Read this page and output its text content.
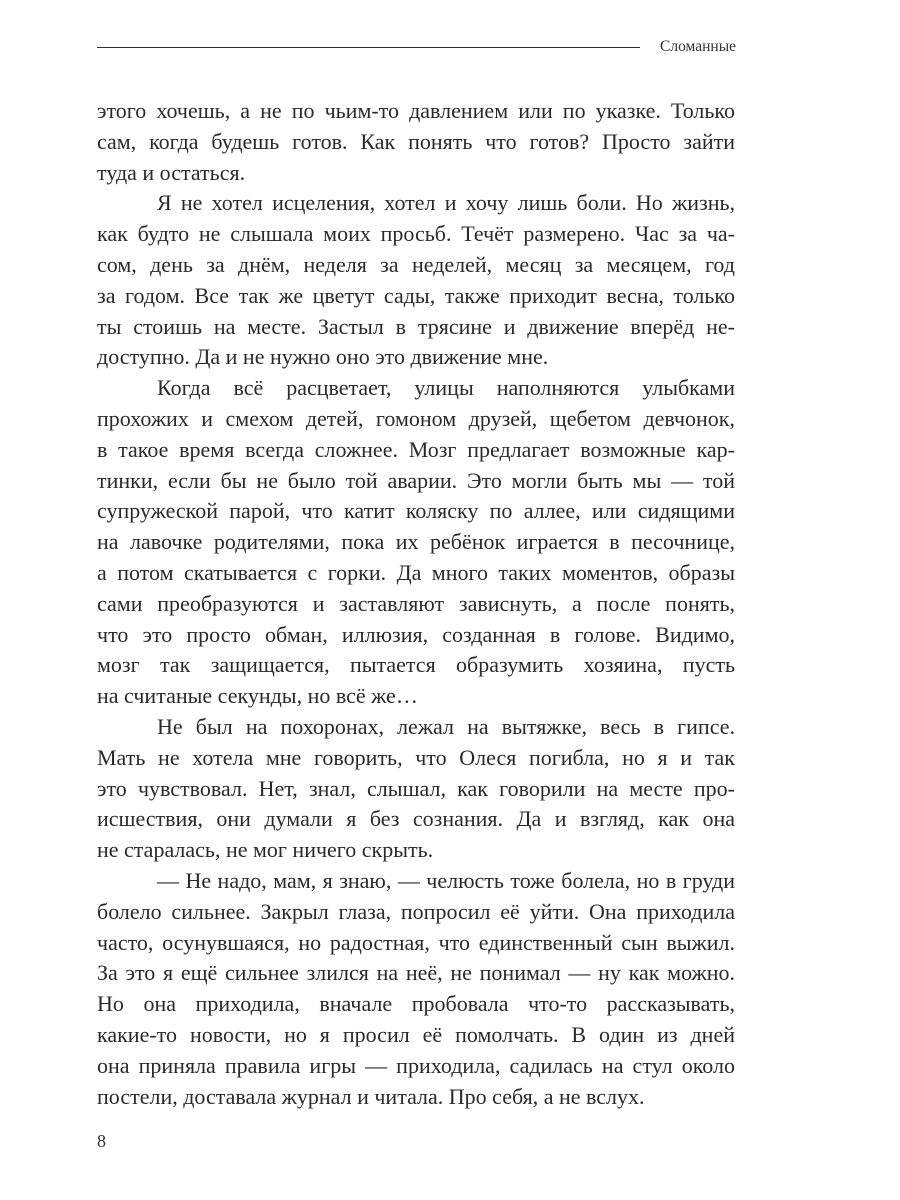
Сломанные
этого хочешь, а не по чьим-то давлением или по указке. Только
сам, когда будешь готов. Как понять что готов? Просто зайти
туда и остаться.
Я не хотел исцеления, хотел и хочу лишь боли. Но жизнь,
как будто не слышала моих просьб. Течёт размерено. Час за ча-
сом, день за днём, неделя за неделей, месяц за месяцем, год
за годом. Все так же цветут сады, также приходит весна, только
ты стоишь на месте. Застыл в трясине и движение вперёд не-
доступно. Да и не нужно оно это движение мне.
Когда всё расцветает, улицы наполняются улыбками
прохожих и смехом детей, гомоном друзей, щебетом девчонок,
в такое время всегда сложнее. Мозг предлагает возможные кар-
тинки, если бы не было той аварии. Это могли быть мы — той
супружеской парой, что катит коляску по аллее, или сидящими
на лавочке родителями, пока их ребёнок играется в песочнице,
а потом скатывается с горки. Да много таких моментов, образы
сами преобразуются и заставляют зависнуть, а после понять,
что это просто обман, иллюзия, созданная в голове. Видимо,
мозг так защищается, пытается образумить хозяина, пусть
на считаные секунды, но всё же…
Не был на похоронах, лежал на вытяжке, весь в гипсе.
Мать не хотела мне говорить, что Олеся погибла, но я и так
это чувствовал. Нет, знал, слышал, как говорили на месте про-
исшествия, они думали я без сознания. Да и взгляд, как она
не старалась, не мог ничего скрыть.
— Не надо, мам, я знаю, — челюсть тоже болела, но в груди
болело сильнее. Закрыл глаза, попросил её уйти. Она приходила
часто, осунувшаяся, но радостная, что единственный сын выжил.
За это я ещё сильнее злился на неё, не понимал — ну как можно.
Но она приходила, вначале пробовала что-то рассказывать,
какие-то новости, но я просил её помолчать. В один из дней
она приняла правила игры — приходила, садилась на стул около
постели, доставала журнал и читала. Про себя, а не вслух.
8
